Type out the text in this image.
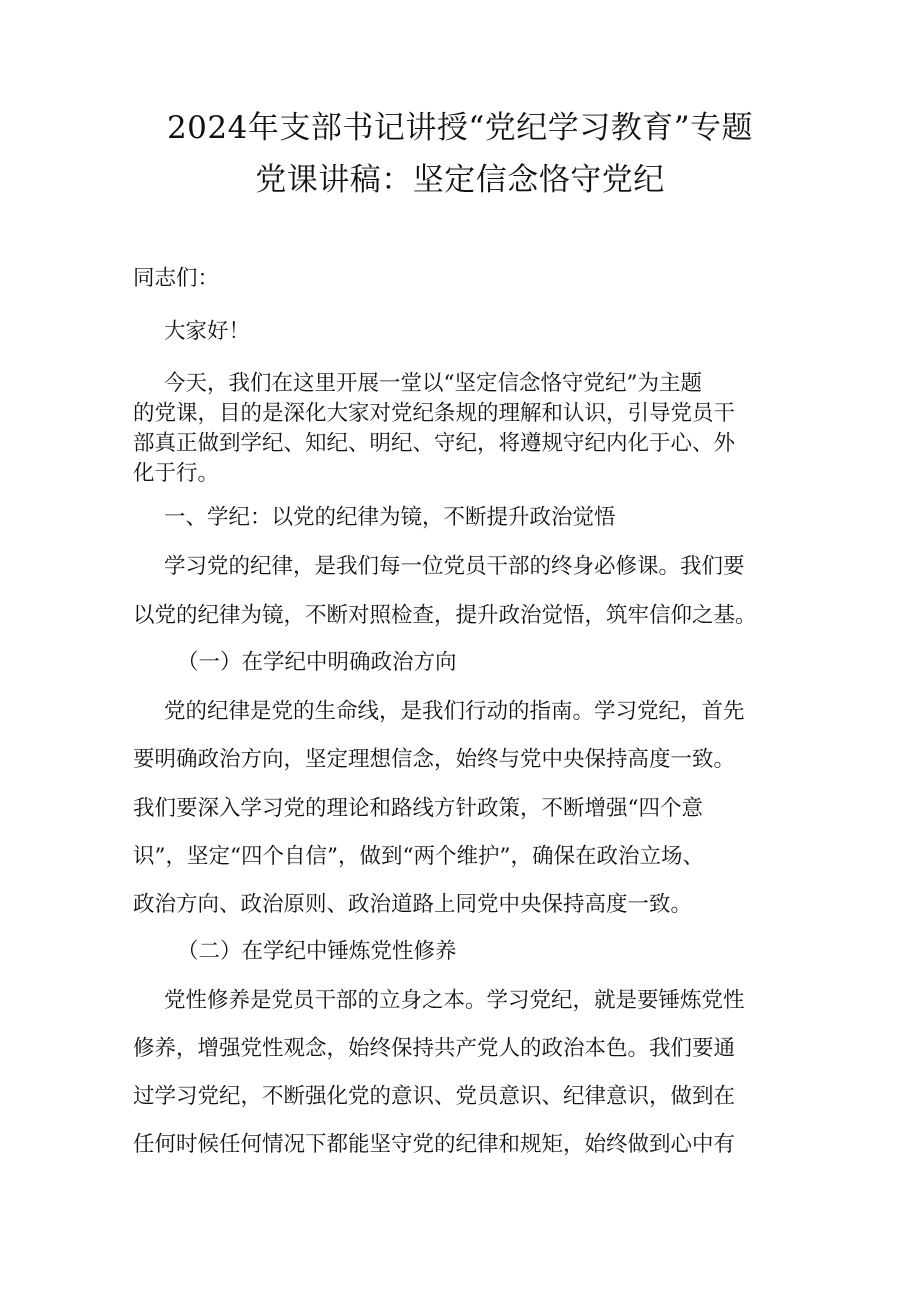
2024年支部书记讲授“党纪学习教育”专题
党课讲稿：坚定信念恪守党纪
同志们：
大家好！
今天，我们在这里开展一堂以“坚定信念恪守党纪”为主题
的党课，目的是深化大家对党纪条规的理解和认识，引导党员干
部真正做到学纪、知纪、明纪、守纪，将遵规守纪内化于心、外
化于行。
一、学纪：以党的纪律为镜，不断提升政治觉悟
学习党的纪律，是我们每一位党员干部的终身必修课。我们要
以党的纪律为镜，不断对照检查，提升政治觉悟，筑牢信仰之基。
（一）在学纪中明确政治方向
党的纪律是党的生命线，是我们行动的指南。学习党纪，首先
要明确政治方向，坚定理想信念，始终与党中央保持高度一致。
我们要深入学习党的理论和路线方针政策，不断增强“四个意
识”，坚定“四个自信”，做到“两个维护”，确保在政治立场、
政治方向、政治原则、政治道路上同党中央保持高度一致。
（二）在学纪中锤炼党性修养
党性修养是党员干部的立身之本。学习党纪，就是要锤炼党性
修养，增强党性观念，始终保持共产党人的政治本色。我们要通
过学习党纪，不断强化党的意识、党员意识、纪律意识，做到在
任何时候任何情况下都能坚守党的纪律和规矩，始终做到心中有
